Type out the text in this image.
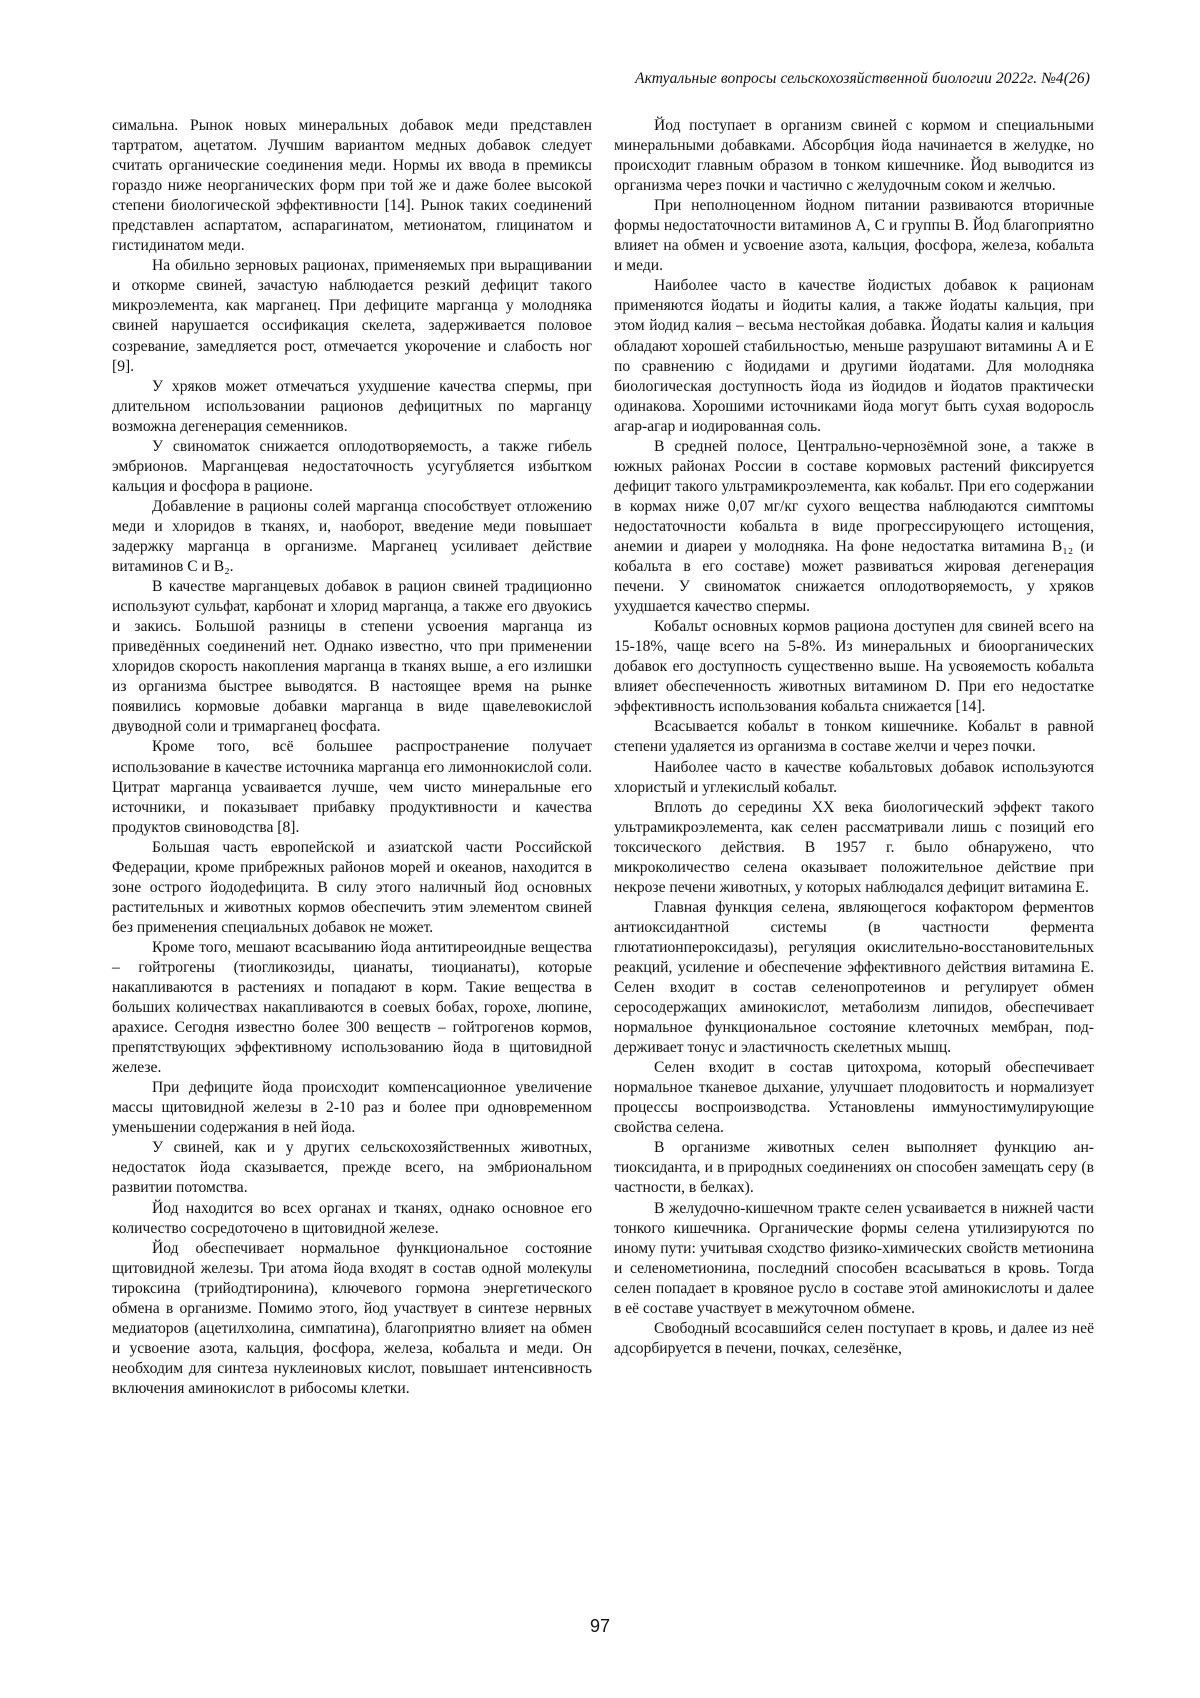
Актуальные вопросы сельскохозяйственной биологии 2022г. №4(26)

симальна. Рынок новых минеральных добавок меди представлен тартратом, ацетатом. Лучшим вариантом медных добавок следует считать органические соединения меди. Нормы их ввода в премиксы гораздо ниже неорганических форм при той же и даже более высокой степени биологической эффективности [14]. Рынок таких соединений представлен аспартатом, аспарагинатом, метионатом, глицинатом и гистидинатом меди.

На обильно зерновых рационах, применяемых при выращивании и откорме свиней, зачастую наблюдается резкий дефицит такого микроэлемента, как марганец. При дефиците марганца у молодняка свиней нарушается оссификация скелета, задерживается половое созревание, замедляется рост, отмечается укорочение и слабость ног [9].

У хряков может отмечаться ухудшение качества спермы, при длительном использовании рационов дефицитных по марганцу возможна дегенерация семенников.

У свиноматок снижается оплодотворяемость, а также гибель эмбрионов. Марганцевая недостаточность усугубляется избытком кальция и фосфора в рационе.

Добавление в рационы солей марганца способствует отложению меди и хлоридов в тканях, и, наоборот, введение меди повышает задержку марганца в организме. Марганец усиливает действие витаминов С и В₂.

В качестве марганцевых добавок в рацион свиней традиционно используют сульфат, карбонат и хлорид марганца, а также его двуокись и закись. Большой разницы в степени усвоения марганца из приведённых соединений нет. Однако известно, что при применении хлоридов скорость накопления марганца в тканях выше, а его излишки из организма быстрее выводятся. В настоящее время на рынке появились кормовые добавки марганца в виде щавелевокислой двуводной соли и тримарганец фосфата.

Кроме того, всё большее распространение получает использование в качестве источника марганца его лимоннокислой соли. Цитрат марганца усваивается лучше, чем чисто минеральные его источники, и показывает прибавку продуктивности и качества продуктов свиноводства [8].

Большая часть европейской и азиатской части Российской Федерации, кроме прибрежных районов морей и океанов, находится в зоне острого йододефицита. В силу этого наличный йод основных растительных и животных кормов обеспечить этим элементом свиней без применения специальных добавок не может.

Кроме того, мешают всасыванию йода антитиреоидные вещества – гойтрогены (тиогликозиды, цианаты, тиоцианаты), которые накапливаются в растениях и попадают в корм. Такие вещества в больших количествах накапливаются в соевых бобах, горохе, люпине, арахисе. Сегодня известно более 300 веществ – гойтрогенов кормов, препятствующих эффективному использованию йода в щитовидной железе.

При дефиците йода происходит компенсационное увеличение массы щитовидной железы в 2-10 раз и более при одновременном уменьшении содержания в ней йода.

У свиней, как и у других сельскохозяйственных животных, недостаток йода сказывается, прежде всего, на эмбриональном развитии потомства.

Йод находится во всех органах и тканях, однако основное его количество сосредоточено в щитовидной железе.

Йод обеспечивает нормальное функциональное состояние щитовидной железы. Три атома йода входят в состав одной молекулы тироксина (трийодтиронина), ключевого гормона энергетического обмена в организме. Помимо этого, йод участвует в синтезе нервных медиаторов (ацетилхолина, симпатина), благоприятно влияет на обмен и усвоение азота, кальция, фосфора, железа, кобальта и меди. Он необходим для синтеза нуклеиновых кислот, повышает интенсивность включения аминокислот в рибосомы клетки.

Йод поступает в организм свиней с кормом и специальными минеральными добавками. Абсорбция йода начинается в желудке, но происходит главным образом в тонком кишечнике. Йод выводится из организма через почки и частично с желудочным соком и желчью.

При неполноценном йодном питании развиваются вторичные формы недостаточности витаминов А, С и группы В. Йод благоприятно влияет на обмен и усвоение азота, кальция, фосфора, железа, кобальта и меди.

Наиболее часто в качестве йодистых добавок к рационам применяются йодаты и йодиты калия, а также йодаты кальция, при этом йодид калия – весьма нестойкая добавка. Йодаты калия и кальция обладают хорошей стабильностью, меньше разрушают витамины А и Е по сравнению с йодидами и другими йодатами. Для молодняка биологическая доступность йода из йодидов и йодатов практически одинакова. Хорошими источниками йода могут быть сухая водоросль агар-агар и иодированная соль.

В средней полосе, Центрально-чернозёмной зоне, а также в южных районах России в составе кормовых растений фиксируется дефицит такого ультрамикроэлемента, как кобальт. При его содержании в кормах ниже 0,07 мг/кг сухого вещества наблюдаются симптомы недостаточности кобальта в виде прогрессирующего истощения, анемии и диареи у молодняка. На фоне недостатка витамина В₁₂ (и кобальта в его составе) может развиваться жировая дегенерация печени. У свиноматок снижается оплодотворяемость, у хряков ухудшается качество спермы.

Кобальт основных кормов рациона доступен для свиней всего на 15-18%, чаще всего на 5-8%. Из минеральных и биоорганических добавок его доступность существенно выше. На усвояемость кобальта влияет обеспеченность животных витамином D. При его недостатке эффективность использования кобальта снижается [14].

Всасывается кобальт в тонком кишечнике. Кобальт в равной степени удаляется из организма в составе желчи и через почки.

Наиболее часто в качестве кобальтовых добавок используются хлористый и углекислый кобальт.

Вплоть до середины ХХ века биологический эффект такого ультрамикроэлемента, как селен рассматривали лишь с позиций его токсического действия. В 1957 г. было обнаружено, что микроколичество селена оказывает положительное действие при некрозе печени животных, у которых наблюдался дефицит витамина Е.

Главная функция селена, являющегося кофактором ферментов антиоксидантной системы (в частности фермента глютатионпероксидазы), регуляция окислительно-восстановительных реакций, усиление и обеспечение эффективного действия витамина Е. Селен входит в состав селенопротеинов и регулирует обмен серосодержащих аминокислот, метаболизм липидов, обеспечивает нормальное функциональное состояние клеточных мембран, поддерживает тонус и эластичность скелетных мышц.

Селен входит в состав цитохрома, который обеспечивает нормальное тканевое дыхание, улучшает плодовитость и нормализует процессы воспроизводства. Установлены иммуностимулирующие свойства селена.

В организме животных селен выполняет функцию антиоксиданта, и в природных соединениях он способен замещать серу (в частности, в белках).

В желудочно-кишечном тракте селен усваивается в нижней части тонкого кишечника. Органические формы селена утилизируются по иному пути: учитывая сходство физико-химических свойств метионина и селенометионина, последний способен всасываться в кровь. Тогда селен попадает в кровяное русло в составе этой аминокислоты и далее в её составе участвует в межуточном обмене.

Свободный всосавшийся селен поступает в кровь, и далее из неё адсорбируется в печени, почках, селезёнке,

97
